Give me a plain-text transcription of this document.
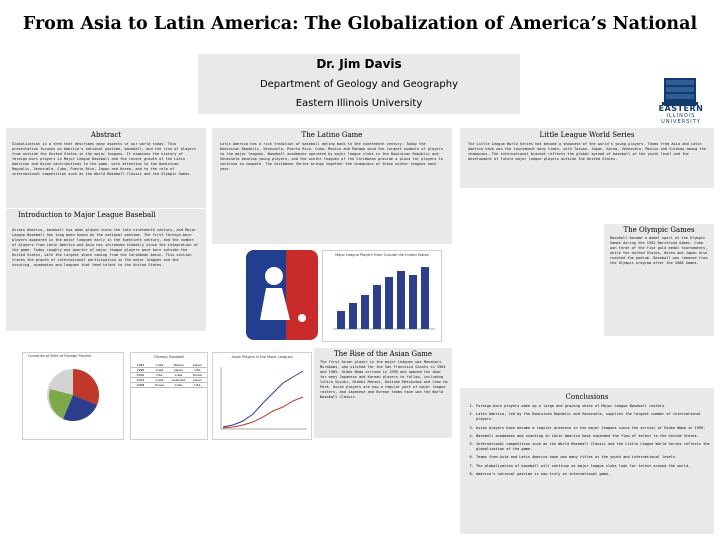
From Asia to Latin America: The Globalization of America’s National
Dr. Jim Davis
Department of Geology and Geography
Eastern Illinois University	EASTERN
ILLINOIS UNIVERSITY
Abstract
Globalization is a term that describes many aspects of our world today. This presentation focuses on America's national pastime, baseball, and the rise of players from outside the United States in the major leagues. It examines the history of foreign-born players in Major League Baseball and the recent growth of the Latin American and Asian contributions to the game, with attention to the Dominican Republic, Venezuela, Cuba, Puerto Rico, Japan and Korea, and to the role of international competition such as the World Baseball Classic and the Olympic Games.
Introduction to Major League Baseball
Across America, baseball has been played since the late nineteenth century, and Major League Baseball has long been known as the national pastime. The first foreign-born players appeared in the major leagues early in the twentieth century, and the number of players from Latin America and Asia has increased steadily since the integration of the game. Today roughly one quarter of major league players were born outside the United States, with the largest share coming from the Caribbean basin. This section traces the growth of international participation in the major leagues and the scouting, academies and leagues that feed talent to the United States.
Countries of Birth of Foreign Players	Olympic Baseball
1992	Cuba	Taiwan	Japan
1996	Cuba	Japan	USA
2000	USA	Cuba	Korea
2004	Cuba	Australia	Japan
2008	Korea	Cuba	USA
The Latino Game
Latin America has a rich tradition of baseball dating back to the nineteenth century. Today the Dominican Republic, Venezuela, Puerto Rico, Cuba, Mexico and Panama send the largest numbers of players to the major leagues. Baseball academies operated by major league clubs in the Dominican Republic and Venezuela develop young players, and the winter leagues of the Caribbean provide a place for players to continue to compete. The Caribbean Series brings together the champions of these winter leagues each year.
Major League Players From Outside the United States
Asian Players in the Major Leagues	The Rise of the Asian Game
The first Asian player in the major leagues was Masanori Murakami, who pitched for the San Francisco Giants in 1964 and 1965. Hideo Nomo arrived in 1995 and opened the door for many Japanese and Korean players to follow, including Ichiro Suzuki, Hideki Matsui, Daisuke Matsuzaka and Chan Ho Park. Asian players are now a regular part of major league rosters, and Japanese and Korean teams have won the World Baseball Classic.
Little League World Series
The Little League World Series has become a showcase of the world's young players. Teams from Asia and Latin America have won the tournament many times, with Taiwan, Japan, Korea, Venezuela, Mexico and Curacao among the champions. The international bracket reflects the global spread of baseball at the youth level and the development of future major league players outside the United States.
The Olympic Games
Baseball became a medal sport at the Olympic Games during the 1992 Barcelona Games. Cuba won three of the five gold medal tournaments, while the United States, Korea and Japan also reached the podium. Baseball was removed from the Olympic program after the 2008 Games.
Conclusions
1. Foreign-born players make up a large and growing share of Major League Baseball rosters.
2. Latin America, led by the Dominican Republic and Venezuela, supplies the largest number of international players.
3. Asian players have become a regular presence in the major leagues since the arrival of Hideo Nomo in 1995.
4. Baseball academies and scouting in Latin America have expanded the flow of talent to the United States.
5. International competition such as the World Baseball Classic and the Little League World Series reflects the globalization of the game.
6. Teams from Asia and Latin America have won many titles at the youth and international levels.
7. The globalization of baseball will continue as major league clubs look for talent around the world.
8. America’s national pastime is now truly an international game.
